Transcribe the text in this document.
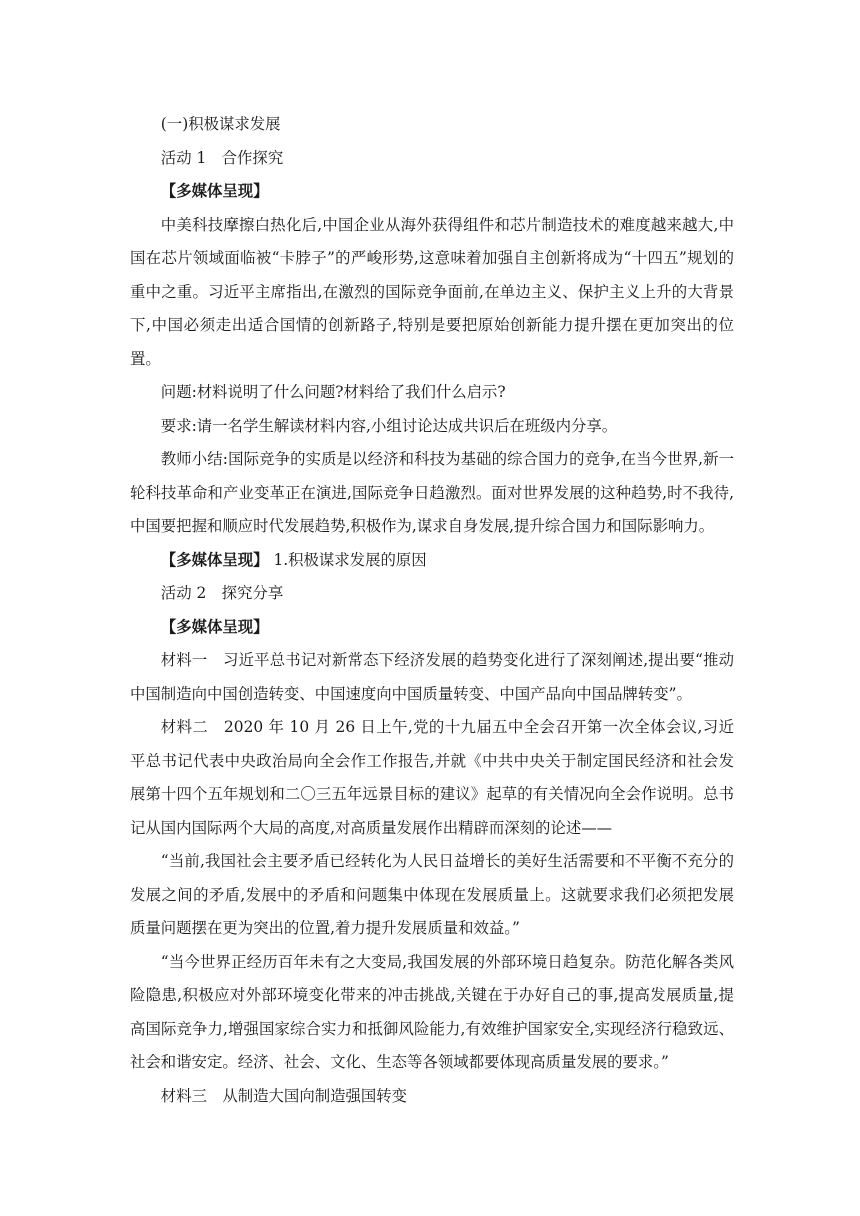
(一)积极谋求发展

活动 1　合作探究

【多媒体呈现】

中美科技摩擦白热化后,中国企业从海外获得组件和芯片制造技术的难度越来越大,中国在芯片领域面临被“卡脖子”的严峻形势,这意味着加强自主创新将成为“十四五”规划的重中之重。习近平主席指出,在激烈的国际竞争面前,在单边主义、保护主义上升的大背景下,中国必须走出适合国情的创新路子,特别是要把原始创新能力提升摆在更加突出的位置。

问题:材料说明了什么问题?材料给了我们什么启示?

要求:请一名学生解读材料内容,小组讨论达成共识后在班级内分享。

教师小结:国际竞争的实质是以经济和科技为基础的综合国力的竞争,在当今世界,新一轮科技革命和产业变革正在演进,国际竞争日趋激烈。面对世界发展的这种趋势,时不我待,中国要把握和顺应时代发展趋势,积极作为,谋求自身发展,提升综合国力和国际影响力。

【多媒体呈现】 1.积极谋求发展的原因

活动 2　探究分享

【多媒体呈现】

材料一　习近平总书记对新常态下经济发展的趋势变化进行了深刻阐述,提出要“推动中国制造向中国创造转变、中国速度向中国质量转变、中国产品向中国品牌转变”。

材料二　2020 年 10 月 26 日上午,党的十九届五中全会召开第一次全体会议,习近平总书记代表中央政治局向全会作工作报告,并就《中共中央关于制定国民经济和社会发展第十四个五年规划和二〇三五年远景目标的建议》起草的有关情况向全会作说明。总书记从国内国际两个大局的高度,对高质量发展作出精辟而深刻的论述——

“当前,我国社会主要矛盾已经转化为人民日益增长的美好生活需要和不平衡不充分的发展之间的矛盾,发展中的矛盾和问题集中体现在发展质量上。这就要求我们必须把发展质量问题摆在更为突出的位置,着力提升发展质量和效益。”

“当今世界正经历百年未有之大变局,我国发展的外部环境日趋复杂。防范化解各类风险隐患,积极应对外部环境变化带来的冲击挑战,关键在于办好自己的事,提高发展质量,提高国际竞争力,增强国家综合实力和抵御风险能力,有效维护国家安全,实现经济行稳致远、社会和谐安定。经济、社会、文化、生态等各领域都要体现高质量发展的要求。”

材料三　从制造大国向制造强国转变
